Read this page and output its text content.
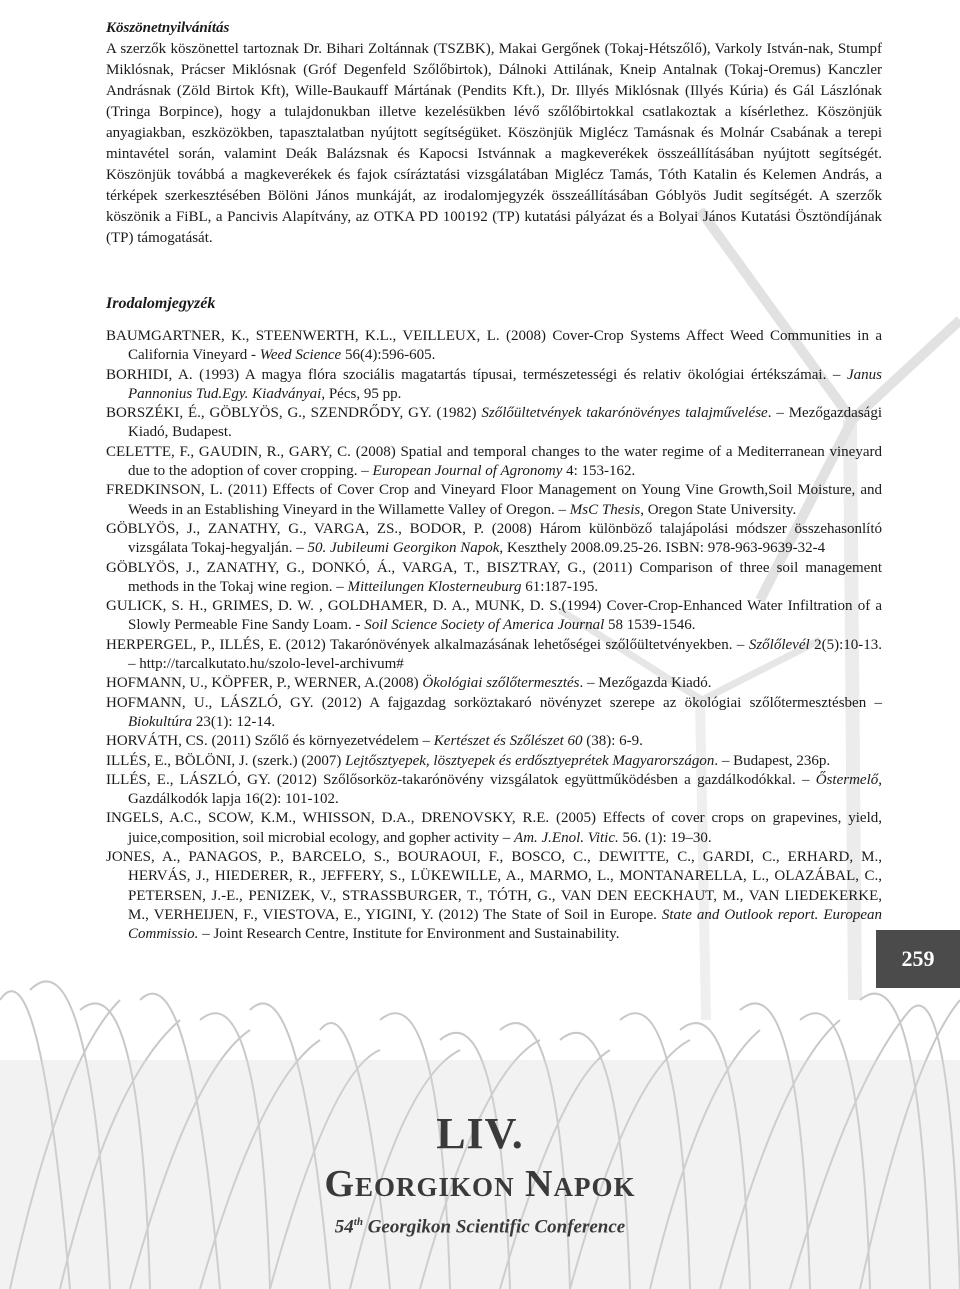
Köszönetnyilvánítás

A szerzők köszönettel tartoznak Dr. Bihari Zoltánnak (TSZBK), Makai Gergőnek (Tokaj-Hétszőlő), Varkoly István-nak, Stumpf Miklósnak, Prácser Miklósnak (Gróf Degenfeld Szőlőbirtok), Dálnoki Attilának, Kneip Antalnak (Tokaj-Oremus) Kanczler Andrásnak (Zöld Birtok Kft), Wille-Baukauff Mártának (Pendits Kft.), Dr. Illyés Miklósnak (Illyés Kúria) és Gál Lászlónak (Tringa Borpince), hogy a tulajdonukban illetve kezelésükben lévő szőlőbirtokkal csatlakoztak a kísérlethez. Köszönjük anyagiakban, eszközökben, tapasztalatban nyújtott segítségüket. Köszönjük Miglécz Tamásnak és Molnár Csabának a terepi mintavétel során, valamint Deák Balázsnak és Kapocsi Istvánnak a magkeverékek összeállításában nyújtott segítségét. Köszönjük továbbá a magkeverékek és fajok csíráztatási vizsgálatában Miglécz Tamás, Tóth Katalin és Kelemen András, a térképek szerkesztésében Bölöni János munkáját, az irodalomjegyzék összeállításában Góblyös Judit segítségét. A szerzők köszönik a FiBL, a Pancivis Alapítvány, az OTKA PD 100192 (TP) kutatási pályázat és a Bolyai János Kutatási Ösztöndíjának (TP) támogatását.

Irodalomjegyzék

BAUMGARTNER, K., STEENWERTH, K.L., VEILLEUX, L. (2008) Cover-Crop Systems Affect Weed Communities in a California Vineyard - Weed Science 56(4):596-605.

BORHIDI, A. (1993) A magya flóra szociális magatartás típusai, természetességi és relativ ökológiai értékszámai. – Janus Pannonius Tud.Egy. Kiadványai, Pécs, 95 pp.

BORSZÉKI, É., GÖBLYÖS, G., SZENDRŐDY, GY. (1982) Szőlőültetvények takarónövényes talajművelése. – Mezőgazdasági Kiadó, Budapest.

CELETTE, F., GAUDIN, R., GARY, C. (2008) Spatial and temporal changes to the water regime of a Mediterranean vineyard due to the adoption of cover cropping. – European Journal of Agronomy 4: 153-162.

FREDKINSON, L. (2011) Effects of Cover Crop and Vineyard Floor Management on Young Vine Growth,Soil Moisture, and Weeds in an Establishing Vineyard in the Willamette Valley of Oregon. – MsC Thesis, Oregon State University.

GÖBLYÖS, J., ZANATHY, G., VARGA, ZS., BODOR, P. (2008) Három különböző talajápolási módszer összehasonlító vizsgálata Tokaj-hegyalján. – 50. Jubileumi Georgikon Napok, Keszthely 2008.09.25-26. ISBN: 978-963-9639-32-4

GÖBLYÖS, J., ZANATHY, G., DONKÓ, Á., VARGA, T., BISZTRAY, G., (2011) Comparison of three soil management methods in the Tokaj wine region. – Mitteilungen Klosterneuburg 61:187-195.

GULICK, S. H., GRIMES, D. W. , GOLDHAMER, D. A., MUNK, D. S.(1994) Cover-Crop-Enhanced Water Infiltration of a Slowly Permeable Fine Sandy Loam. - Soil Science Society of America Journal 58 1539-1546.

HERPERGEL, P., ILLÉS, E. (2012) Takarónövények alkalmazásának lehetőségei szőlőültetvényekben. – Szőlőlevél 2(5):10-13. – http://tarcalkutato.hu/szolo-level-archivum#

HOFMANN, U., KÖPFER, P., WERNER, A.(2008) Ökológiai szőlőtermesztés. – Mezőgazda Kiadó.

HOFMANN, U., LÁSZLÓ, GY. (2012) A fajgazdag sorköztakaró növényzet szerepe az ökológiai szőlőtermesztésben – Biokultúra 23(1): 12-14.

HORVÁTH, CS. (2011) Szőlő és környezetvédelem – Kertészet és Szőlészet 60 (38): 6-9.

ILLÉS, E., BÖLÖNI, J. (szerk.) (2007) Lejtősztyepek, lösztyepek és erdősztyeprétek Magyarországon. – Budapest, 236p.

ILLÉS, E., LÁSZLÓ, GY. (2012) Szőlősorköz-takarónövény vizsgálatok együttműködésben a gazdálkodókkal. – Őstermelő, Gazdálkodók lapja 16(2): 101-102.

INGELS, A.C., SCOW, K.M., WHISSON, D.A., DRENOVSKY, R.E. (2005) Effects of cover crops on grapevines, yield, juice,composition, soil microbial ecology, and gopher activity – Am. J.Enol. Vitic. 56. (1): 19–30.

JONES, A., PANAGOS, P., BARCELO, S., BOURAOUI, F., BOSCO, C., DEWITTE, C., GARDI, C., ERHARD, M., HERVÁS, J., HIEDERER, R., JEFFERY, S., LÜKEWILLE, A., MARMO, L., MONTANARELLA, L., OLAZÁBAL, C., PETERSEN, J.-E., PENIZEK, V., STRASSBURGER, T., TÓTH, G., VAN DEN EECKHAUT, M., VAN LIEDEKERKE, M., VERHEIJEN, F., VIESTOVA, E., YIGINI, Y. (2012) The State of Soil in Europe. State and Outlook report. European Commissio. – Joint Research Centre, Institute for Environment and Sustainability.

LIV.
Georgikon Napok
54th Georgikon Scientific Conference
259
